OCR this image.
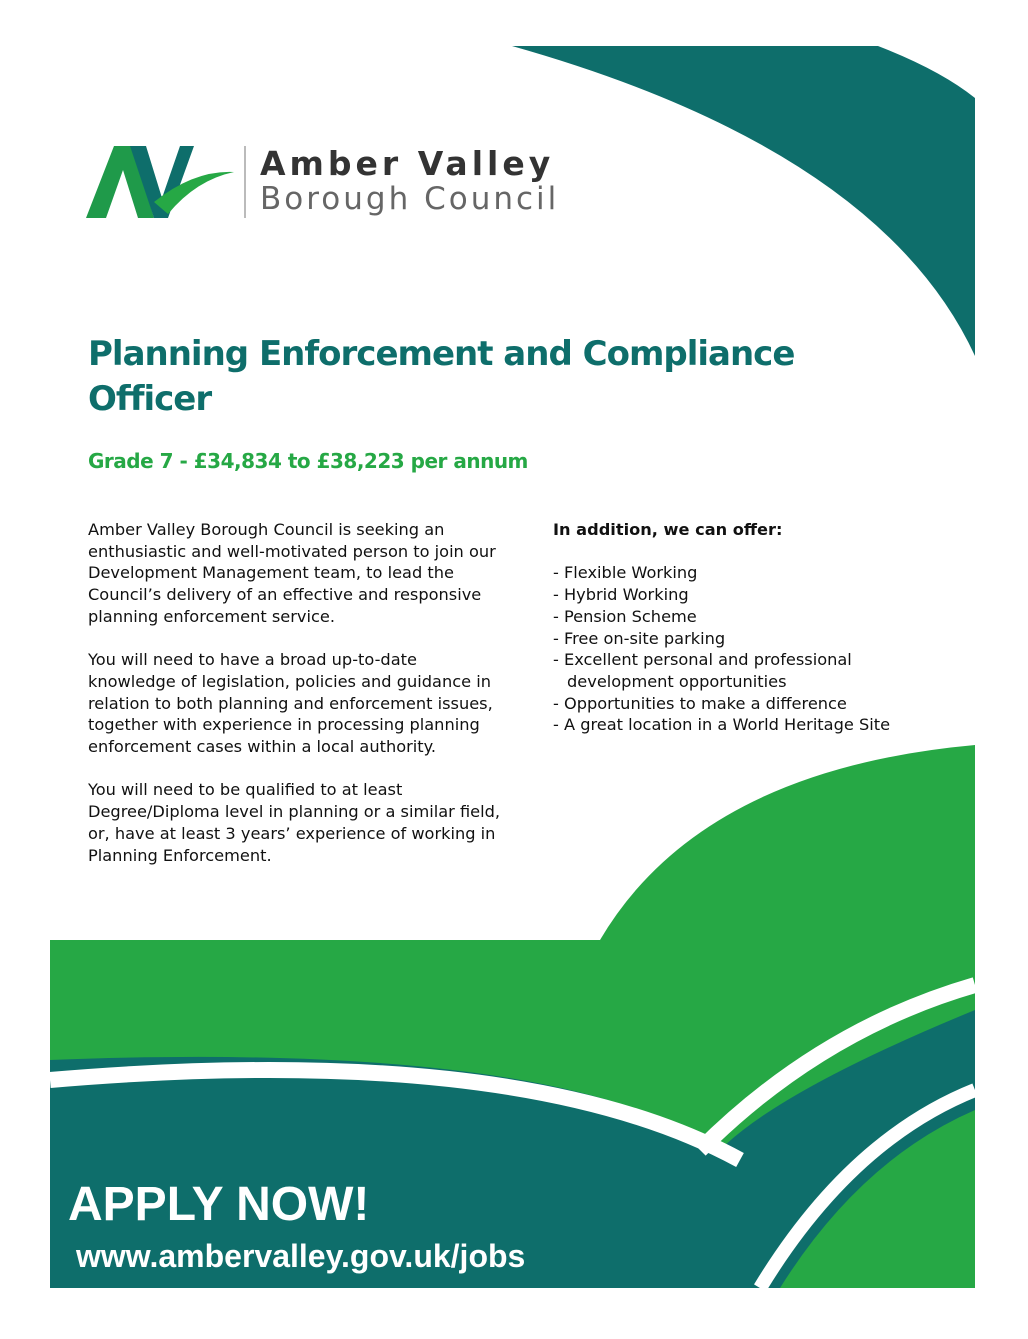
Amber Valley
Borough Council
Planning Enforcement and Compliance Officer

Grade 7 - £34,834 to £38,223 per annum

Amber Valley Borough Council is seeking an enthusiastic and well-motivated person to join our Development Management team, to lead the Council’s delivery of an effective and responsive planning enforcement service.

You will need to have a broad up-to-date knowledge of legislation, policies and guidance in relation to both planning and enforcement issues, together with experience in processing planning enforcement cases within a local authority.

You will need to be qualified to at least Degree/Diploma level in planning or a similar field, or, have at least 3 years’ experience of working in Planning Enforcement.

In addition, we can offer:

- Flexible Working
- Hybrid Working
- Pension Scheme
- Free on-site parking
- Excellent personal and professional development opportunities
- Opportunities to make a difference
- A great location in a World Heritage Site

APPLY NOW!

www.ambervalley.gov.uk/jobs
